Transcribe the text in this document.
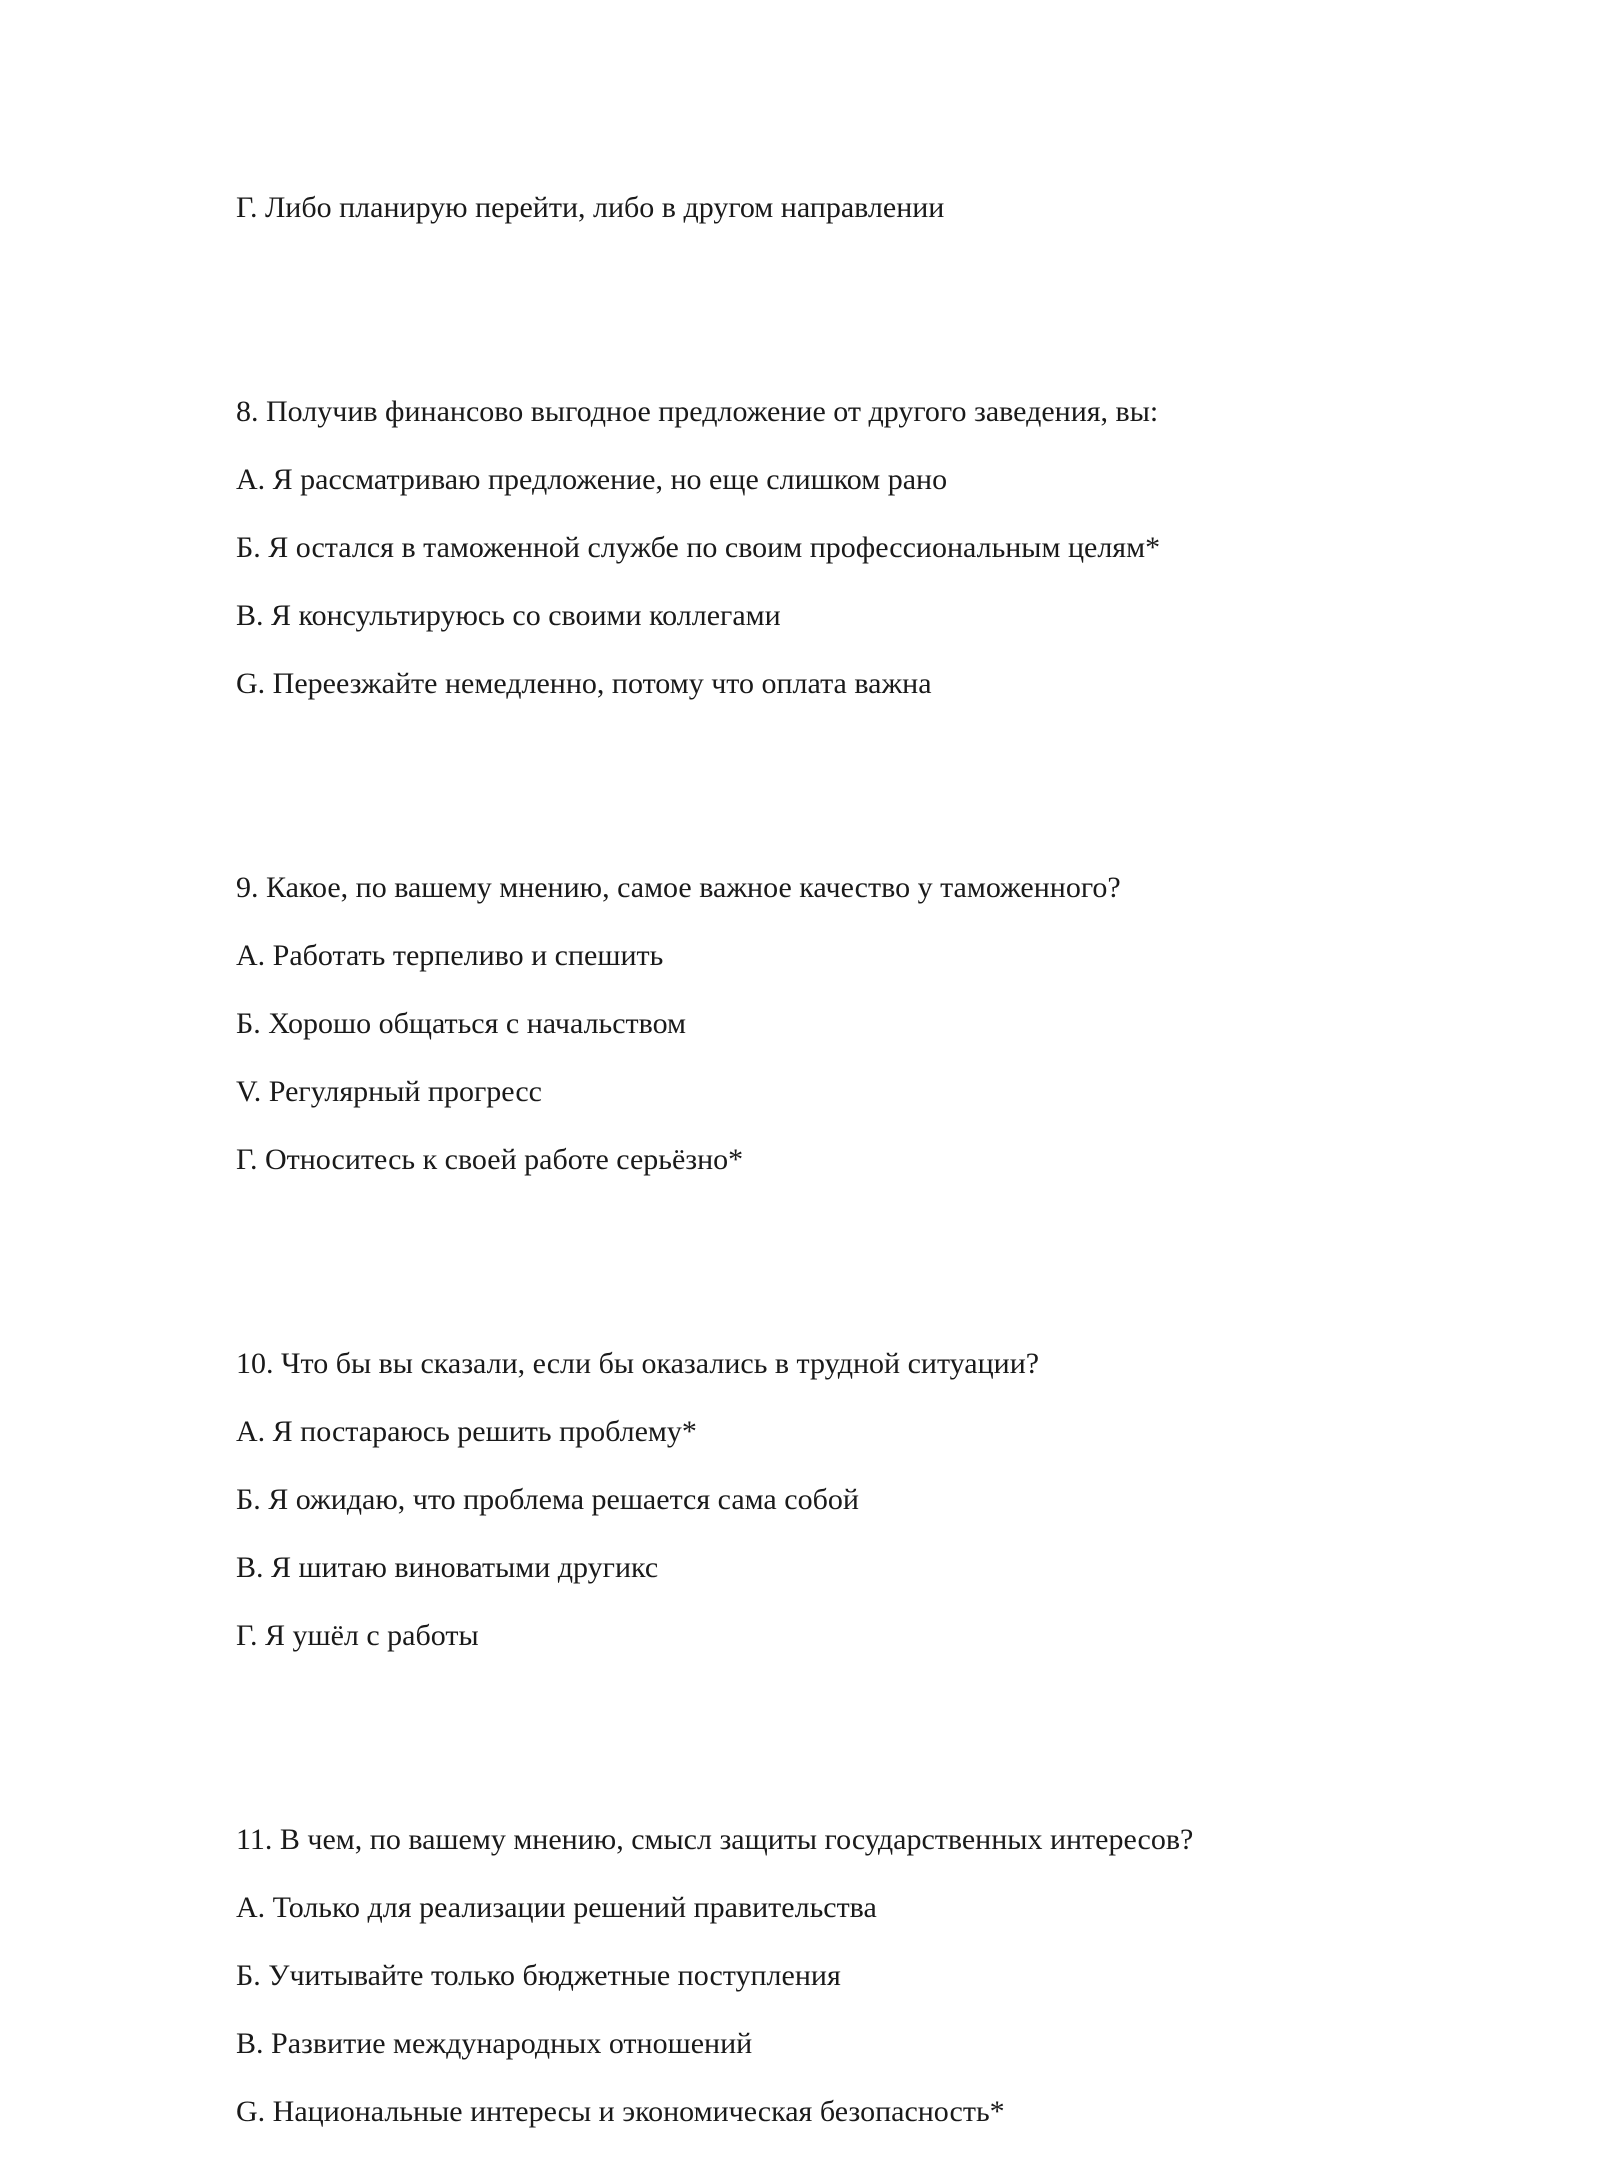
Г. Либо планирую перейти, либо в другом направлении
8. Получив финансово выгодное предложение от другого заведения, вы:
А. Я рассматриваю предложение, но еще слишком рано
Б. Я остался в таможенной службе по своим профессиональным целям*
В. Я консультируюсь со своими коллегами
G. Переезжайте немедленно, потому что оплата важна
9. Какое, по вашему мнению, самое важное качество у таможенного?
А. Работать терпеливо и спешить
Б. Хорошо общаться с начальством
V. Регулярный прогресс
Г. Относитесь к своей работе серьёзно*
10. Что бы вы сказали, если бы оказались в трудной ситуации?
А. Я постараюсь решить проблему*
Б. Я ожидаю, что проблема решается сама собой
В. Я шитаю виноватыми другикс
Г. Я ушёл с работы
11. В чем, по вашему мнению, смысл защиты государственных интересов?
А. Только для реализации решений правительства
Б. Учитывайте только бюджетные поступления
В. Развитие международных отношений
G. Национальные интересы и экономическая безопасность*
